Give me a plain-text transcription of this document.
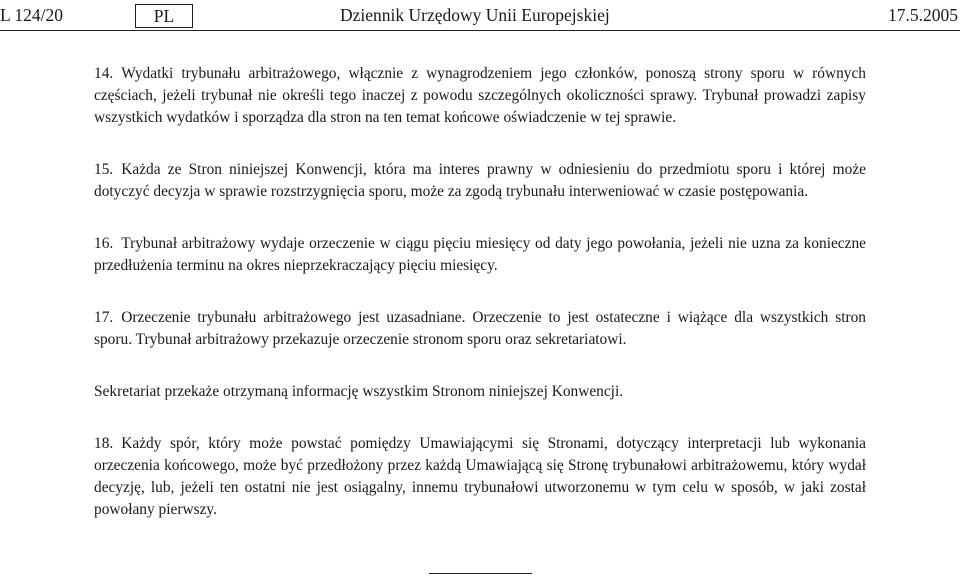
L 124/20	PL	Dziennik Urzędowy Unii Europejskiej	17.5.2005

14. Wydatki trybunału arbitrażowego, włącznie z wynagrodzeniem jego członków, ponoszą strony sporu w równych częściach, jeżeli trybunał nie określi tego inaczej z powodu szczególnych okoliczności sprawy. Trybunał prowadzi zapisy wszystkich wydatków i sporządza dla stron na ten temat końcowe oświadczenie w tej sprawie.

15. Każda ze Stron niniejszej Konwencji, która ma interes prawny w odniesieniu do przedmiotu sporu i której może dotyczyć decyzja w sprawie rozstrzygnięcia sporu, może za zgodą trybunału interweniować w czasie postępowania.

16. Trybunał arbitrażowy wydaje orzeczenie w ciągu pięciu miesięcy od daty jego powołania, jeżeli nie uzna za konieczne przedłużenia terminu na okres nieprzekraczający pięciu miesięcy.

17. Orzeczenie trybunału arbitrażowego jest uzasadniane. Orzeczenie to jest ostateczne i wiążące dla wszystkich stron sporu. Trybunał arbitrażowy przekazuje orzeczenie stronom sporu oraz sekretariatowi.

Sekretariat przekaże otrzymaną informację wszystkim Stronom niniejszej Konwencji.

18. Każdy spór, który może powstać pomiędzy Umawiającymi się Stronami, dotyczący interpretacji lub wykonania orzeczenia końcowego, może być przedłożony przez każdą Umawiającą się Stronę trybunałowi arbitrażowemu, który wydał decyzję, lub, jeżeli ten ostatni nie jest osiągalny, innemu trybunałowi utworzonemu w tym celu w sposób, w jaki został powołany pierwszy.
